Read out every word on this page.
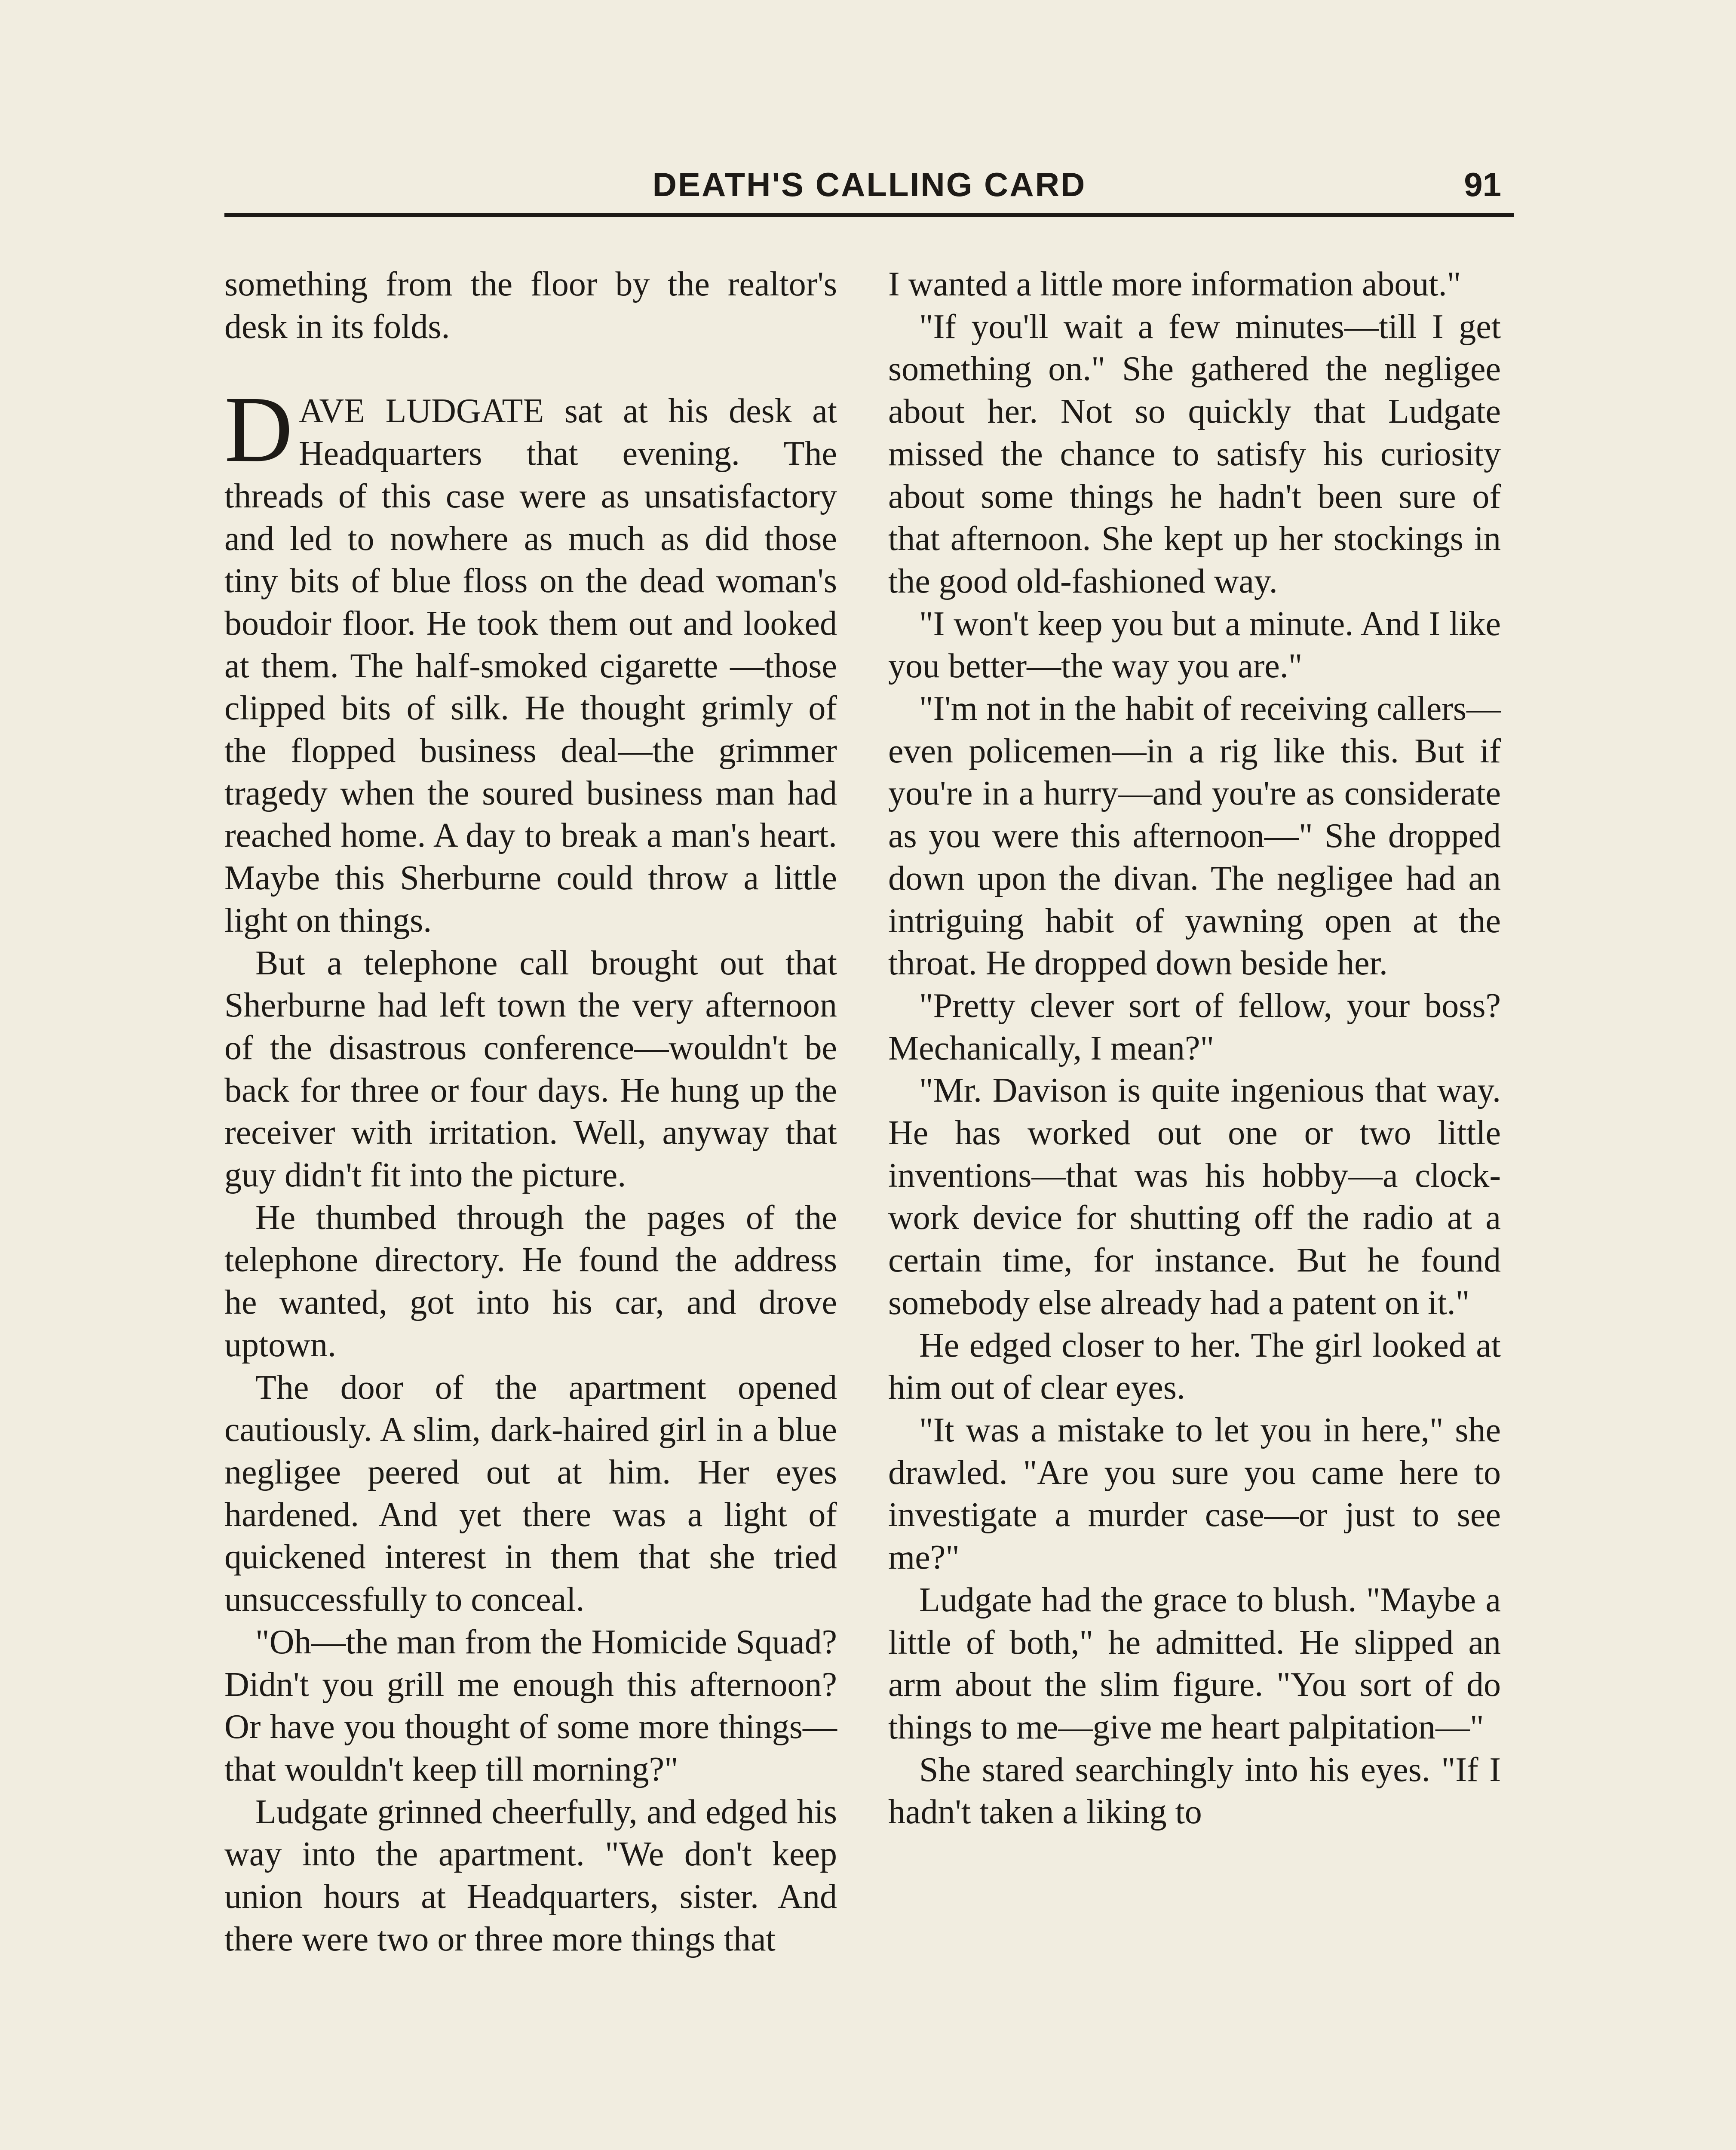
DEATH'S CALLING CARD	91

something from the floor by the realtor's desk in its folds.

DAVE LUDGATE sat at his desk at Headquarters that evening. The threads of this case were as unsatisfactory and led to nowhere as much as did those tiny bits of blue floss on the dead woman's boudoir floor. He took them out and looked at them. The half-smoked cigarette —those clipped bits of silk. He thought grimly of the flopped business deal—the grimmer tragedy when the soured business man had reached home. A day to break a man's heart. Maybe this Sherburne could throw a little light on things.

But a telephone call brought out that Sherburne had left town the very afternoon of the disastrous conference—wouldn't be back for three or four days. He hung up the receiver with irritation. Well, anyway that guy didn't fit into the picture.

He thumbed through the pages of the telephone directory. He found the address he wanted, got into his car, and drove uptown.

The door of the apartment opened cautiously. A slim, dark-haired girl in a blue negligee peered out at him. Her eyes hardened. And yet there was a light of quickened interest in them that she tried unsuccessfully to conceal.

"Oh—the man from the Homicide Squad? Didn't you grill me enough this afternoon? Or have you thought of some more things—that wouldn't keep till morning?"

Ludgate grinned cheerfully, and edged his way into the apartment. "We don't keep union hours at Headquarters, sister. And there were two or three more things that

I wanted a little more information about."

"If you'll wait a few minutes—till I get something on." She gathered the negligee about her. Not so quickly that Ludgate missed the chance to satisfy his curiosity about some things he hadn't been sure of that afternoon. She kept up her stockings in the good old-fashioned way.

"I won't keep you but a minute. And I like you better—the way you are."

"I'm not in the habit of receiving callers—even policemen—in a rig like this. But if you're in a hurry—and you're as considerate as you were this afternoon—" She dropped down upon the divan. The negligee had an intriguing habit of yawning open at the throat. He dropped down beside her.

"Pretty clever sort of fellow, your boss? Mechanically, I mean?"

"Mr. Davison is quite ingenious that way. He has worked out one or two little inventions—that was his hobby—a clock-work device for shutting off the radio at a certain time, for instance. But he found somebody else already had a patent on it."

He edged closer to her. The girl looked at him out of clear eyes.

"It was a mistake to let you in here," she drawled. "Are you sure you came here to investigate a murder case—or just to see me?"

Ludgate had the grace to blush. "Maybe a little of both," he admitted. He slipped an arm about the slim figure. "You sort of do things to me—give me heart palpitation—"

She stared searchingly into his eyes. "If I hadn't taken a liking to
